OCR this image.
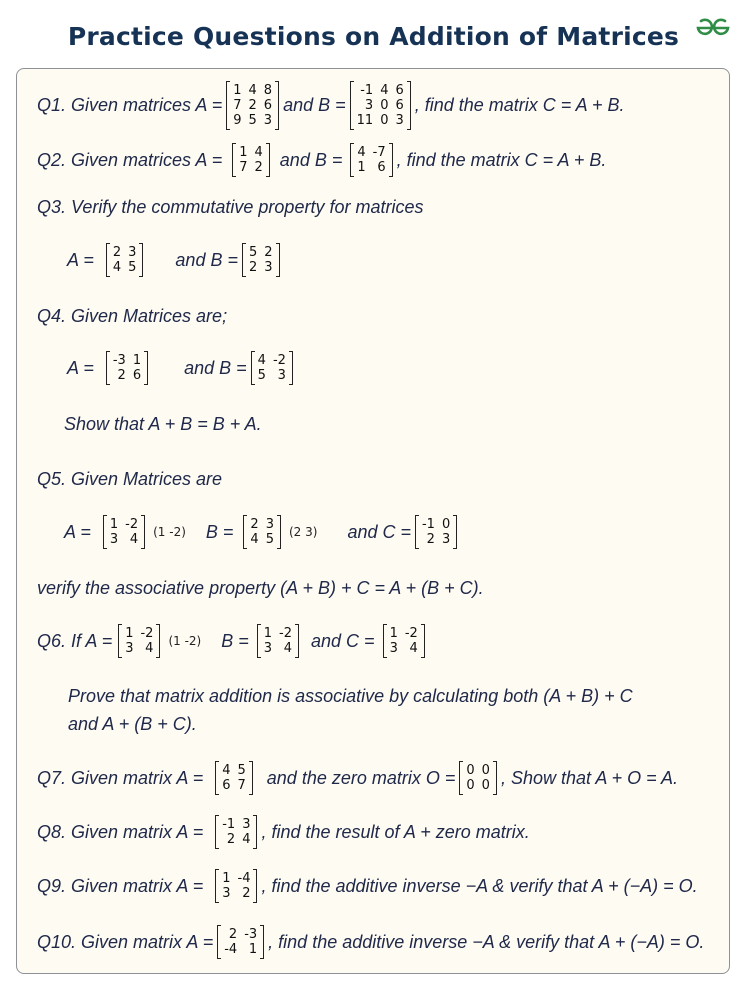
Practice Questions on Addition of Matrices
Q1. Given matrices A =
1 4 8
7 2 6
9 5 3
and B =
-1 4 6
3 0 6
11 0 3
, find the matrix C = A + B.
Q2. Given matrices A = 1 4
7 2 and B = 4 -7
1 6 , find the matrix C = A + B.
Q3. Verify the commutative property for matrices
A = 2 3
4 5 and B = 5 2
2 3
Q4. Given Matrices are;
A = -3 1
2 6 and B = 4 -2
5 3
Show that A + B = B + A.
Q5. Given Matrices are
A = 1 -2
3 4 (1 -2) B = 2 3
4 5 (2 3) and C = -1 0
2 3
verify the associative property (A + B) + C = A + (B + C).
Q6. If A = 1 -2
3 4 (1 -2) B = 1 -2
3 4 and C = 1 -2
3 4
Prove that matrix addition is associative by calculating both (A + B) + C
and A + (B + C).
Q7. Given matrix A = 4 5
6 7 and the zero matrix O = 0 0
0 0 , Show that A + O = A.
Q8. Given matrix A = -1 3
2 4 , find the result of A + zero matrix.
Q9. Given matrix A = 1 -4
3 2 , find the additive inverse −A & verify that A + (−A) = O.
Q10. Given matrix A =	2 -3
-4 1 , find the additive inverse −A & verify that A + (−A) = O.
